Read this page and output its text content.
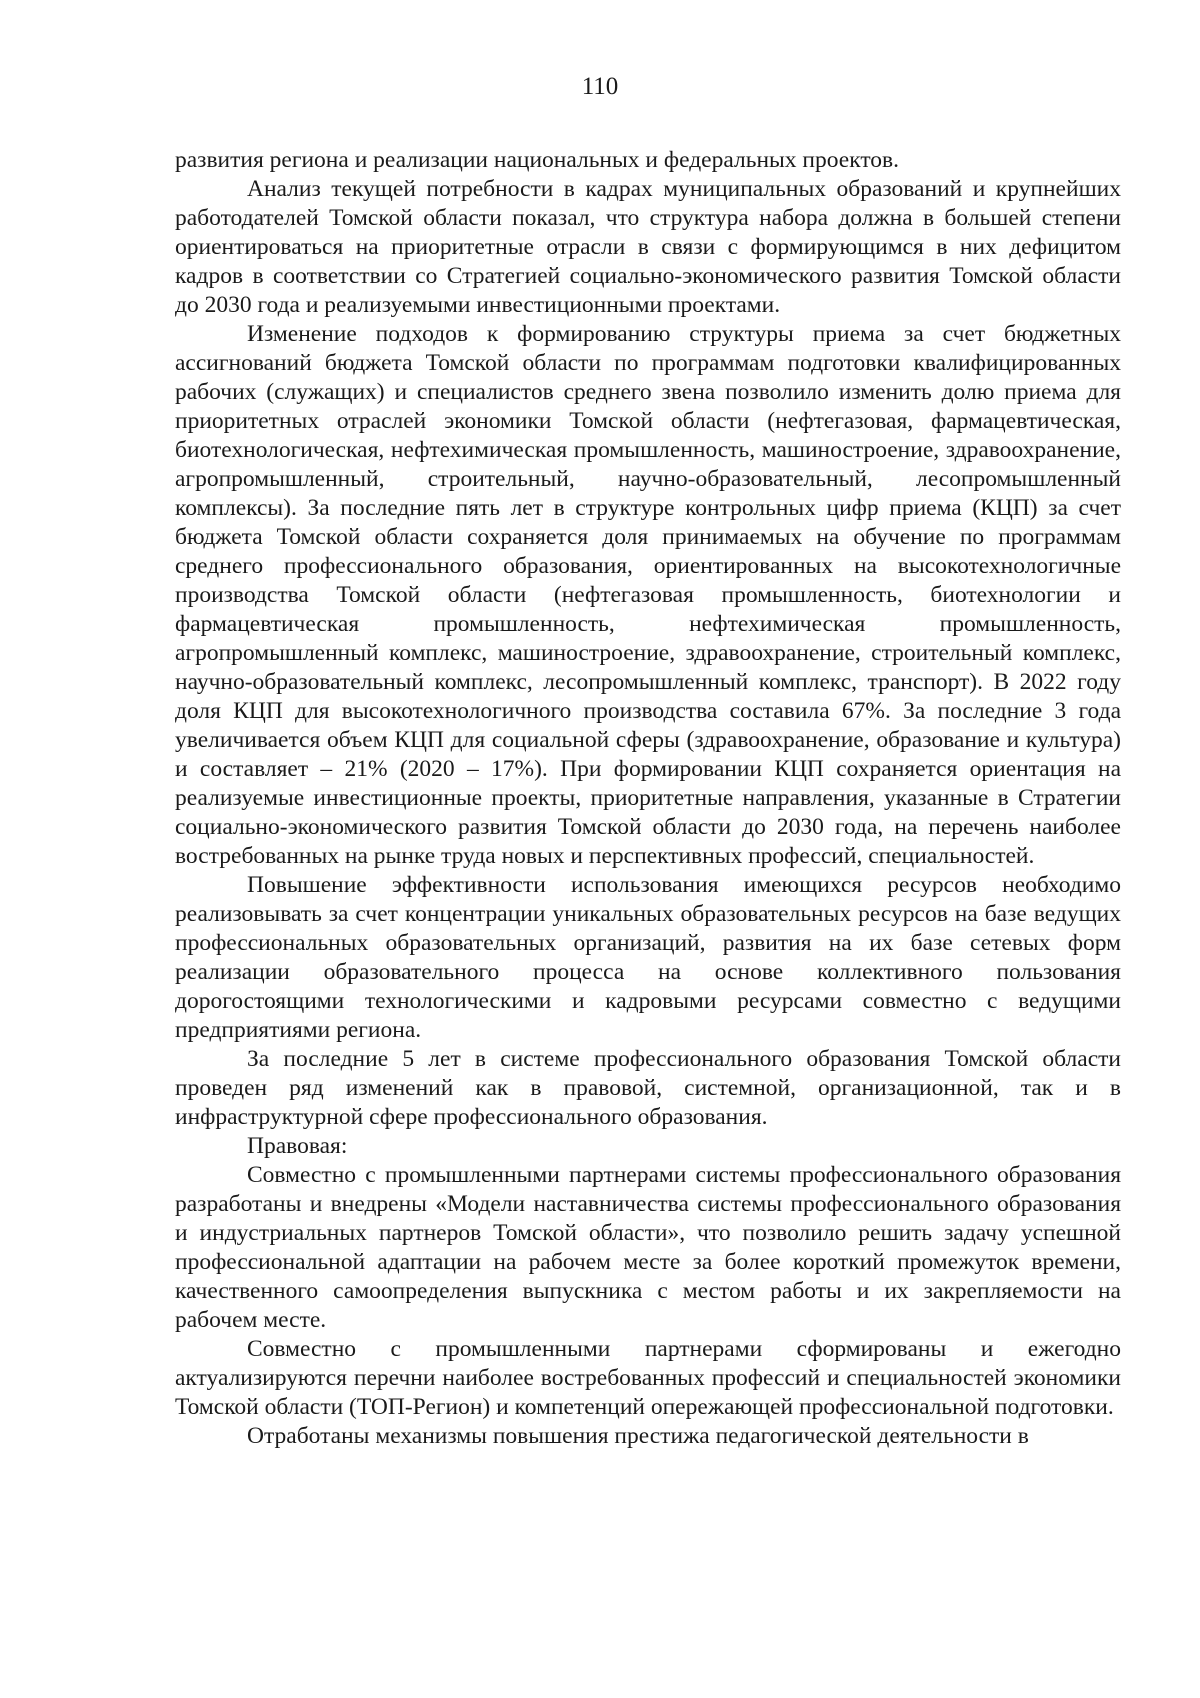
110

развития региона и реализации национальных и федеральных проектов.

Анализ текущей потребности в кадрах муниципальных образований и крупнейших работодателей Томской области показал, что структура набора должна в большей степени ориентироваться на приоритетные отрасли в связи с формирующимся в них дефицитом кадров в соответствии со Стратегией социально-экономического развития Томской области до 2030 года и реализуемыми инвестиционными проектами.

Изменение подходов к формированию структуры приема за счет бюджетных ассигнований бюджета Томской области по программам подготовки квалифицированных рабочих (служащих) и специалистов среднего звена позволило изменить долю приема для приоритетных отраслей экономики Томской области (нефтегазовая, фармацевтическая, биотехнологическая, нефтехимическая промышленность, машиностроение, здравоохранение, агропромышленный, строительный, научно-образовательный, лесопромышленный комплексы). За последние пять лет в структуре контрольных цифр приема (КЦП) за счет бюджета Томской области сохраняется доля принимаемых на обучение по программам среднего профессионального образования, ориентированных на высокотехнологичные производства Томской области (нефтегазовая промышленность, биотехнологии и фармацевтическая промышленность, нефтехимическая промышленность, агропромышленный комплекс, машиностроение, здравоохранение, строительный комплекс, научно-образовательный комплекс, лесопромышленный комплекс, транспорт). В 2022 году доля КЦП для высокотехнологичного производства составила 67%. За последние 3 года увеличивается объем КЦП для социальной сферы (здравоохранение, образование и культура) и составляет – 21% (2020 – 17%). При формировании КЦП сохраняется ориентация на реализуемые инвестиционные проекты, приоритетные направления, указанные в Стратегии социально-экономического развития Томской области до 2030 года, на перечень наиболее востребованных на рынке труда новых и перспективных профессий, специальностей.

Повышение эффективности использования имеющихся ресурсов необходимо реализовывать за счет концентрации уникальных образовательных ресурсов на базе ведущих профессиональных образовательных организаций, развития на их базе сетевых форм реализации образовательного процесса на основе коллективного пользования дорогостоящими технологическими и кадровыми ресурсами совместно с ведущими предприятиями региона.

За последние 5 лет в системе профессионального образования Томской области проведен ряд изменений как в правовой, системной, организационной, так и в инфраструктурной сфере профессионального образования.

Правовая:

Совместно с промышленными партнерами системы профессионального образования разработаны и внедрены «Модели наставничества системы профессионального образования и индустриальных партнеров Томской области», что позволило решить задачу успешной профессиональной адаптации на рабочем месте за более короткий промежуток времени, качественного самоопределения выпускника с местом работы и их закрепляемости на рабочем месте.

Совместно с промышленными партнерами сформированы и ежегодно актуализируются перечни наиболее востребованных профессий и специальностей экономики Томской области (ТОП-Регион) и компетенций опережающей профессиональной подготовки.

Отработаны механизмы повышения престижа педагогической деятельности в
